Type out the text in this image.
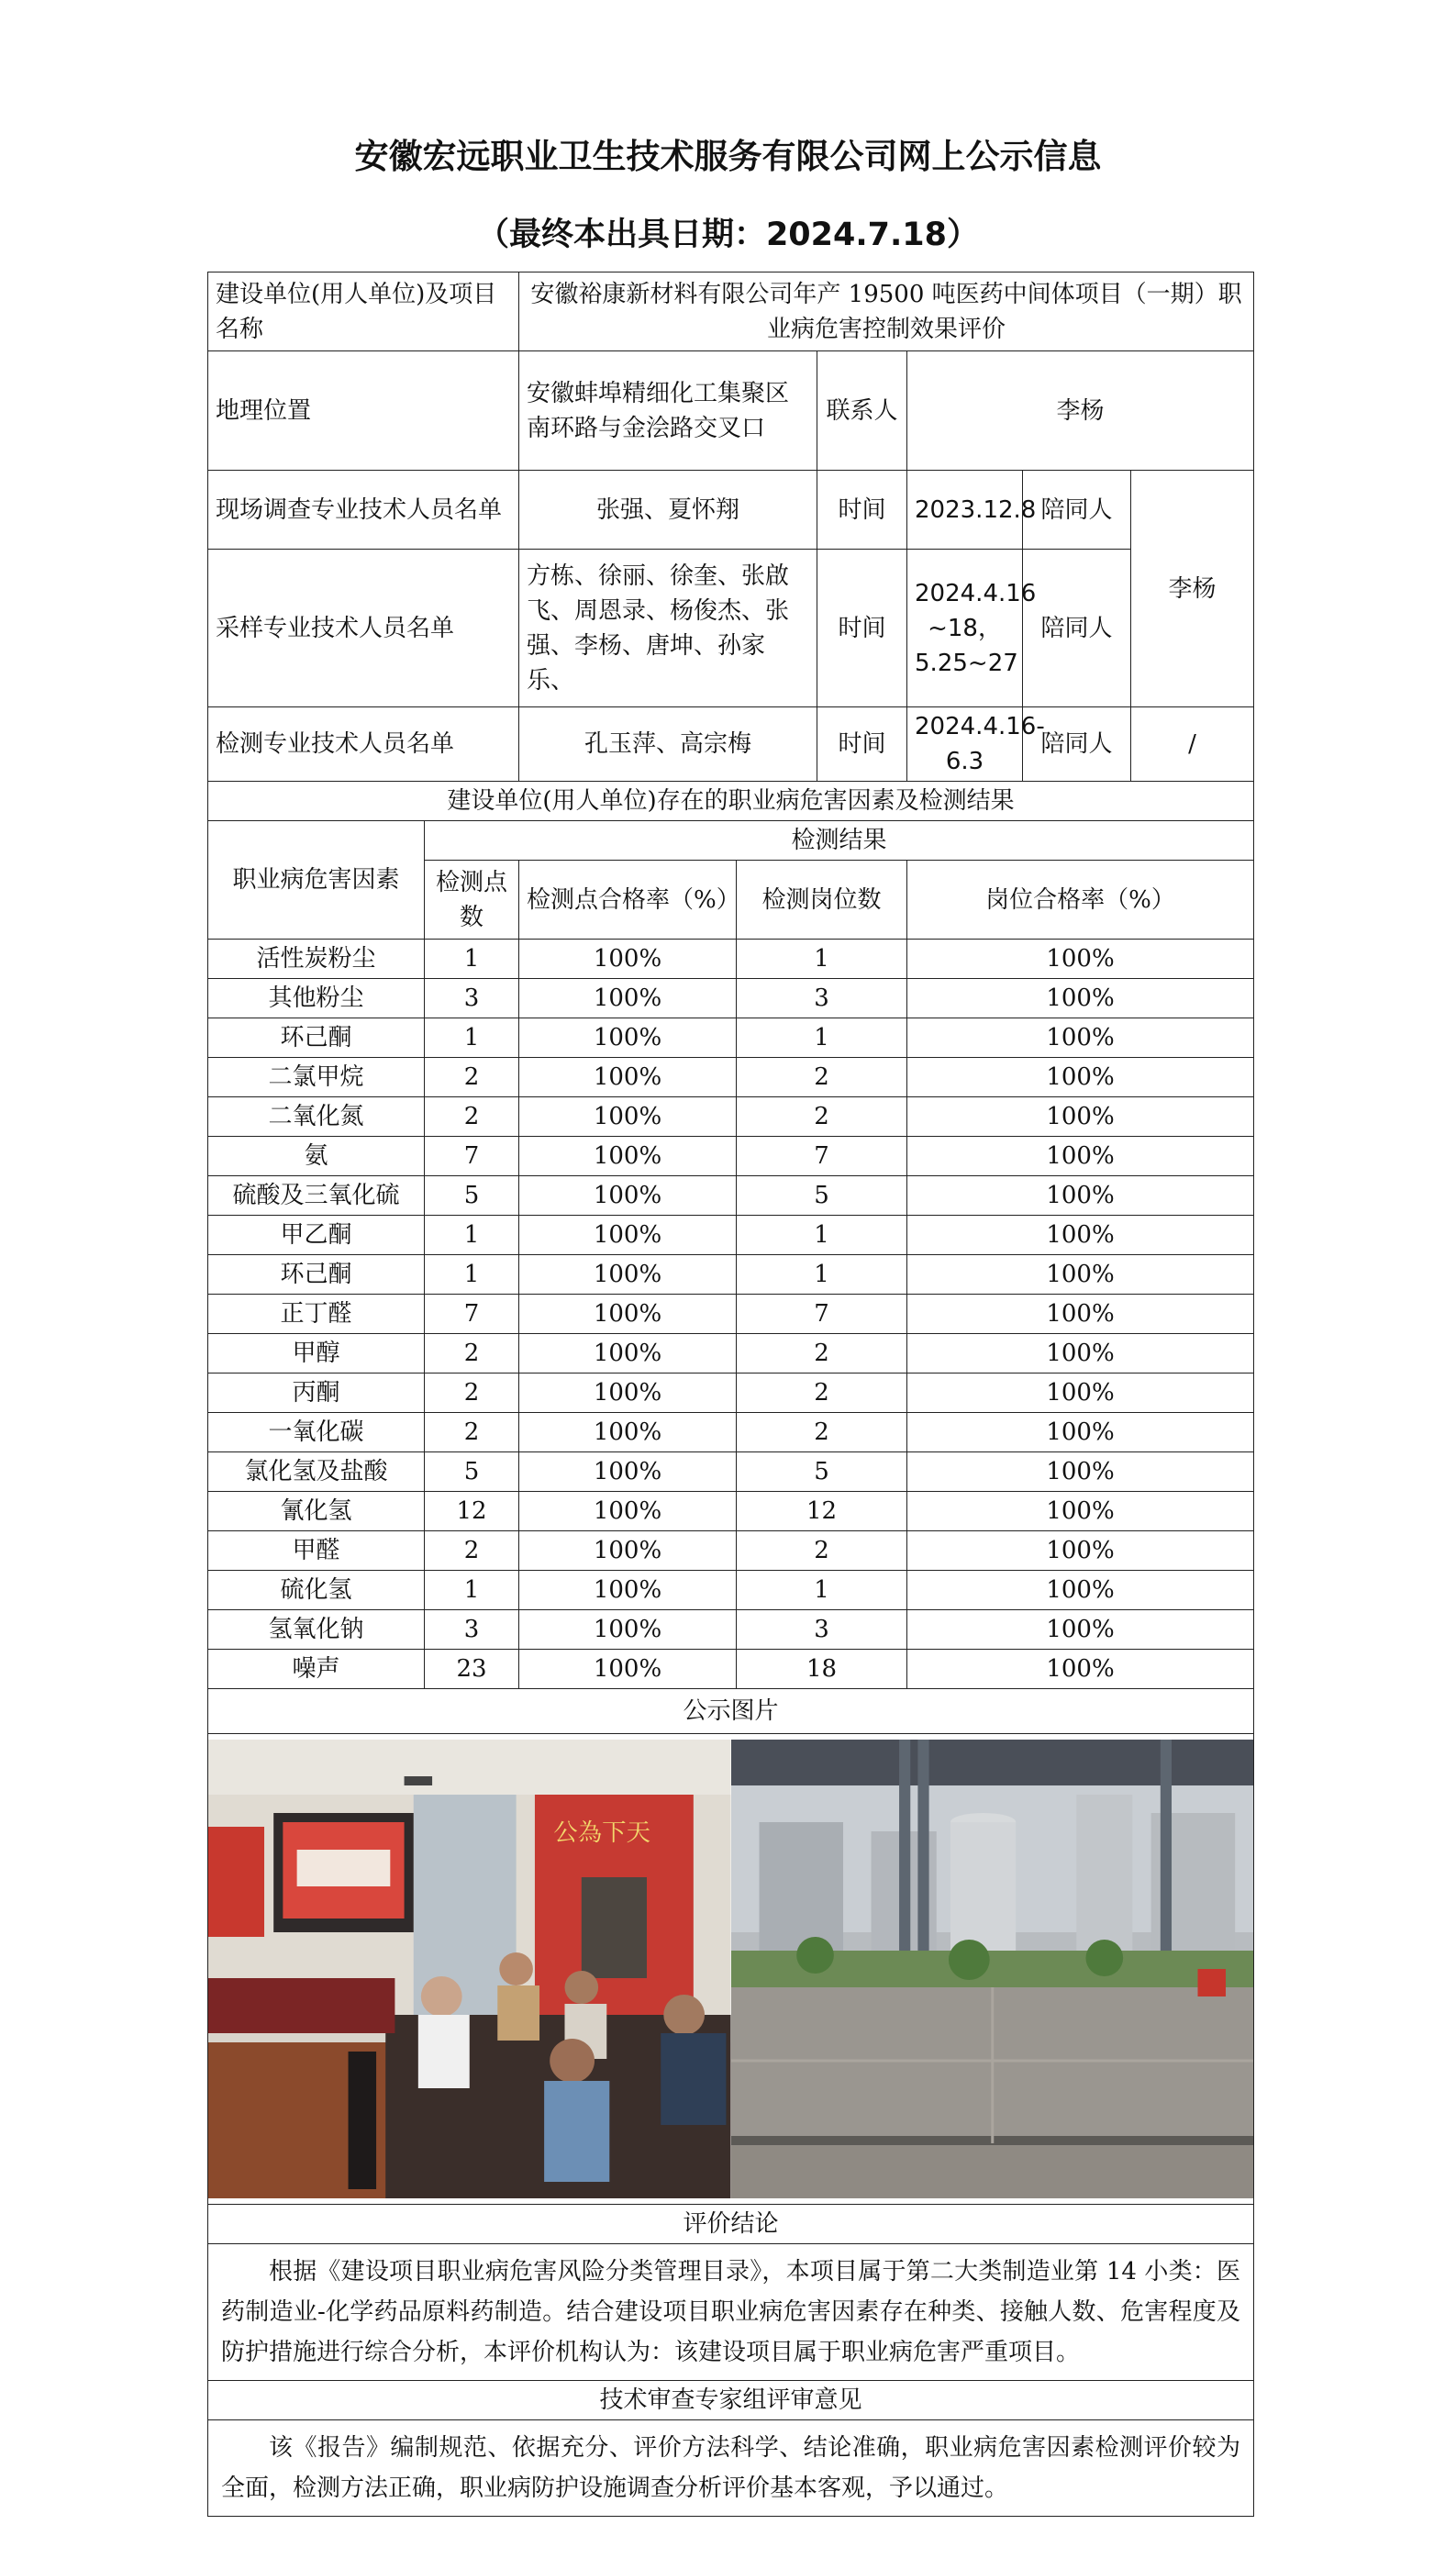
安徽宏远职业卫生技术服务有限公司网上公示信息
（最终本出具日期：2024.7.18）
建设单位(用人单位)及项目名称		安徽裕康新材料有限公司年产 19500 吨医药中间体项目（一期）职业病危害控制效果评价					
地理位置		安徽蚌埠精细化工集聚区南环路与金浍路交叉口		联系人	李杨		
现场调查专业技术人员名单		张强、夏怀翔		时间	2023.12.8	陪同人	李杨
采样专业技术人员名单		方栋、徐丽、徐奎、张啟飞、周恩录、杨俊杰、张强、李杨、唐坤、孙家乐、		时间	2024.4.16 ~18，5.25~27	陪同人	
检测专业技术人员名单		孔玉萍、高宗梅		时间	2024.4.16-6.3	陪同人	/
建设单位(用人单位)存在的职业病危害因素及检测结果							
职业病危害因素	检测结果						
	检测点数	检测点合格率（%）	检测岗位数		岗位合格率（%）		
活性炭粉尘	1	100%	1		100%		
其他粉尘	3	100%	3		100%		
环己酮	1	100%	1		100%		
二氯甲烷	2	100%	2		100%		
二氧化氮	2	100%	2		100%		
氨	7	100%	7		100%		
硫酸及三氧化硫	5	100%	5		100%		
甲乙酮	1	100%	1		100%		
环己酮	1	100%	1		100%		
正丁醛	7	100%	7		100%		
甲醇	2	100%	2		100%		
丙酮	2	100%	2		100%		
一氧化碳	2	100%	2		100%		
氯化氢及盐酸	5	100%	5		100%		
氰化氢	12	100%	12		100%		
甲醛	2	100%	2		100%		
硫化氢	1	100%	1		100%		
氢氧化钠	3	100%	3		100%		
噪声	23	100%	18		100%		
公示图片							

公為下天							

评价结论							
根据《建设项目职业病危害风险分类管理目录》，本项目属于第二大类制造业第 14 小类：医药制造业-化学药品原料药制造。结合建设项目职业病危害因素存在种类、接触人数、危害程度及防护措施进行综合分析，本评价机构认为：该建设项目属于职业病危害严重项目。							
技术审查专家组评审意见							
该《报告》编制规范、依据充分、评价方法科学、结论准确，职业病危害因素检测评价较为全面，检测方法正确，职业病防护设施调查分析评价基本客观，予以通过。							
